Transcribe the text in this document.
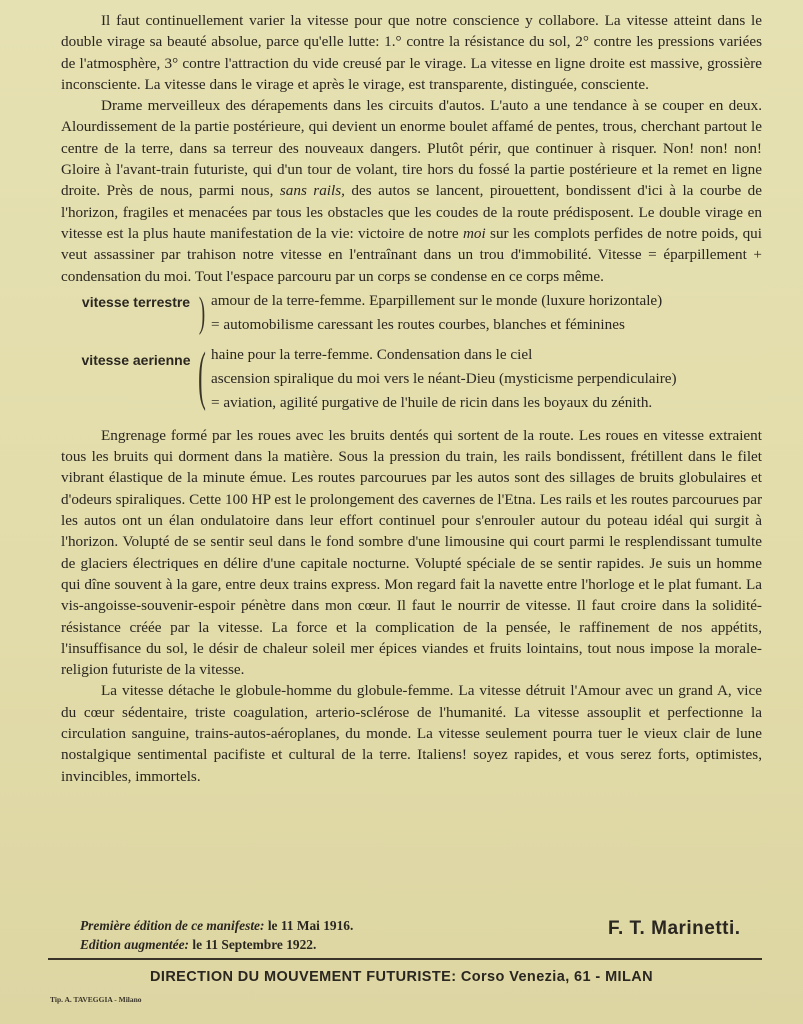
Il faut continuellement varier la vitesse pour que notre conscience y collabore. La vitesse atteint dans le double virage sa beauté absolue, parce qu'elle lutte: 1.° contre la résistance du sol, 2° contre les pressions variées de l'atmosphère, 3° contre l'attraction du vide creusé par le virage. La vitesse en ligne droite est massive, grossière inconsciente. La vitesse dans le virage et après le virage, est transparente, distinguée, consciente.

Drame merveilleux des dérapements dans les circuits d'autos. L'auto a une tendance à se couper en deux. Alourdissement de la partie postérieure, qui devient un enorme boulet affamé de pentes, trous, cherchant partout le centre de la terre, dans sa terreur des nouveaux dangers. Plutôt périr, que continuer à risquer. Non! non! non! Gloire à l'avant-train futuriste, qui d'un tour de volant, tire hors du fossé la partie postérieure et la remet en ligne droite. Près de nous, parmi nous, sans rails, des autos se lancent, pirouettent, bondissent d'ici à la courbe de l'horizon, fragiles et menacées par tous les obstacles que les coudes de la route prédisposent. Le double virage en vitesse est la plus haute manifestation de la vie: victoire de notre moi sur les complots perfides de notre poids, qui veut assassiner par trahison notre vitesse en l'entraînant dans un trou d'immobilité. Vitesse = éparpillement + condensation du moi. Tout l'espace parcouru par un corps se condense en ce corps même.

vitesse terrestre ) amour de la terre-femme. Eparpillement sur le monde (luxure horizontale)
= automobilisme caressant les routes courbes, blanches et féminines
vitesse aerienne ( haine pour la terre-femme. Condensation dans le ciel
ascension spiralique du moi vers le néant-Dieu (mysticisme perpendiculaire)
= aviation, agilité purgative de l'huile de ricin dans les boyaux du zénith.

Engrenage formé par les roues avec les bruits dentés qui sortent de la route. Les roues en vitesse extraient tous les bruits qui dorment dans la matière. Sous la pression du train, les rails bondissent, frétillent dans le filet vibrant élastique de la minute émue. Les routes parcourues par les autos sont des sillages de bruits globulaires et d'odeurs spiraliques. Cette 100 HP est le prolongement des cavernes de l'Etna. Les rails et les routes parcourues par les autos ont un élan ondulatoire dans leur effort continuel pour s'enrouler autour du poteau idéal qui surgit à l'horizon. Volupté de se sentir seul dans le fond sombre d'une limousine qui court parmi le resplendissant tumulte de glaciers électriques en délire d'une capitale nocturne. Volupté spéciale de se sentir rapides. Je suis un homme qui dîne souvent à la gare, entre deux trains express. Mon regard fait la navette entre l'horloge et le plat fumant. La vis-angoisse-souvenir-espoir pénètre dans mon cœur. Il faut le nourrir de vitesse. Il faut croire dans la solidité-résistance créée par la vitesse. La force et la complication de la pensée, le raffinement de nos appétits, l'insuffisance du sol, le désir de chaleur soleil mer épices viandes et fruits lointains, tout nous impose la morale-religion futuriste de la vitesse.

La vitesse détache le globule-homme du globule-femme. La vitesse détruit l'Amour avec un grand A, vice du cœur sédentaire, triste coagulation, arterio-sclérose de l'humanité. La vitesse assouplit et perfectionne la circulation sanguine, trains-autos-aéroplanes, du monde. La vitesse seulement pourra tuer le vieux clair de lune nostalgique sentimental pacifiste et cultural de la terre. Italiens! soyez rapides, et vous serez forts, optimistes, invincibles, immortels.

Première édition de ce manifeste: le 11 Mai 1916.
Edition augmentée: le 11 Septembre 1922.
F. T. Marinetti.
DIRECTION DU MOUVEMENT FUTURISTE: Corso Venezia, 61 - MILAN
Tip. A. TAVEGGIA - Milano
